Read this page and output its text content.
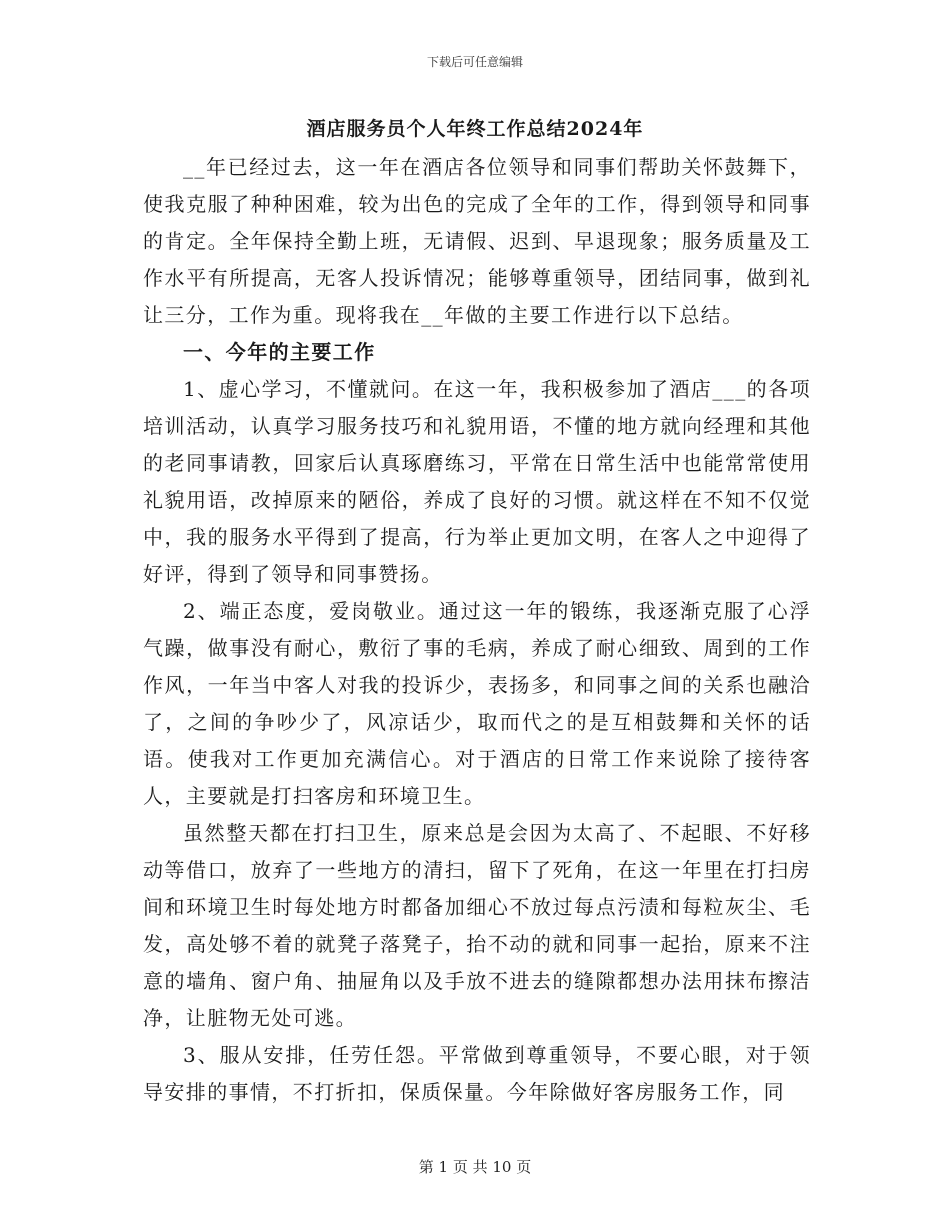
下载后可任意编辑
酒店服务员个人年终工作总结2024年

__年已经过去，这一年在酒店各位领导和同事们帮助关怀鼓舞下，使我克服了种种困难，较为出色的完成了全年的工作，得到领导和同事的肯定。全年保持全勤上班，无请假、迟到、早退现象；服务质量及工作水平有所提高，无客人投诉情况；能够尊重领导，团结同事，做到礼让三分，工作为重。现将我在__年做的主要工作进行以下总结。

一、今年的主要工作

1、虚心学习，不懂就问。在这一年，我积极参加了酒店___的各项培训活动，认真学习服务技巧和礼貌用语，不懂的地方就向经理和其他的老同事请教，回家后认真琢磨练习，平常在日常生活中也能常常使用礼貌用语，改掉原来的陋俗，养成了良好的习惯。就这样在不知不仅觉中，我的服务水平得到了提高，行为举止更加文明，在客人之中迎得了好评，得到了领导和同事赞扬。

2、端正态度，爱岗敬业。通过这一年的锻练，我逐渐克服了心浮气躁，做事没有耐心，敷衍了事的毛病，养成了耐心细致、周到的工作作风，一年当中客人对我的投诉少，表扬多，和同事之间的关系也融洽了，之间的争吵少了，风凉话少，取而代之的是互相鼓舞和关怀的话语。使我对工作更加充满信心。对于酒店的日常工作来说除了接待客人，主要就是打扫客房和环境卫生。

虽然整天都在打扫卫生，原来总是会因为太高了、不起眼、不好移动等借口，放弃了一些地方的清扫，留下了死角，在这一年里在打扫房间和环境卫生时每处地方时都备加细心不放过每点污渍和每粒灰尘、毛发，高处够不着的就凳子落凳子，抬不动的就和同事一起抬，原来不注意的墙角、窗户角、抽屉角以及手放不进去的缝隙都想办法用抹布擦洁净，让脏物无处可逃。

3、服从安排，任劳任怨。平常做到尊重领导，不要心眼，对于领导安排的事情，不打折扣，保质保量。今年除做好客房服务工作，同

第 1 页 共 10 页
